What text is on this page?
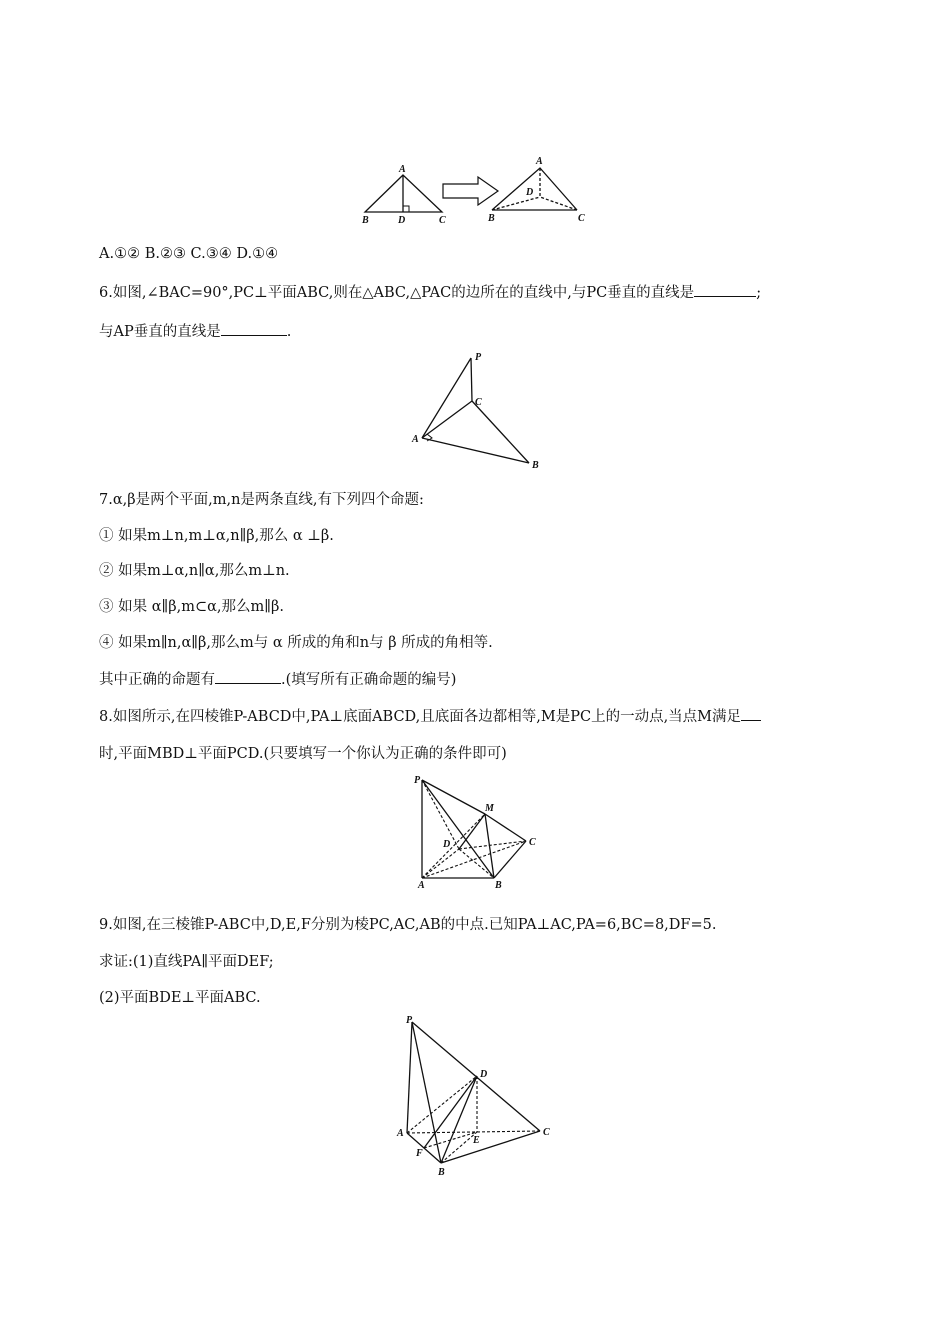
A
B	D	C
A
D
B	C
A.①② B.②③ C.③④ D.①④
6.如图,∠BAC=90°,PC⊥平面ABC,则在△ABC,△PAC的边所在的直线中,与PC垂直的直线是	;
与AP垂直的直线是	.
P
C
A
B
7.α,β是两个平面,m,n是两条直线,有下列四个命题:
① 如果m⊥n,m⊥α,n∥β,那么 α ⊥β.
② 如果m⊥α,n∥α,那么m⊥n.
③ 如果 α∥β,m⊂α,那么m∥β.
④ 如果m∥n,α∥β,那么m与 α 所成的角和n与 β 所成的角相等.
其中正确的命题有	.(填写所有正确命题的编号)
8.如图所示,在四棱锥P-ABCD中,PA⊥底面ABCD,且底面各边都相等,M是PC上的一动点,当点M满足
时,平面MBD⊥平面PCD.(只要填写一个你认为正确的条件即可)
P
M
D	C
A	B
9.如图,在三棱锥P-ABC中,D,E,F分别为棱PC,AC,AB的中点.已知PA⊥AC,PA=6,BC=8,DF=5.
求证:(1)直线PA∥平面DEF;
(2)平面BDE⊥平面ABC.
P
D
A
E
C
F
B
